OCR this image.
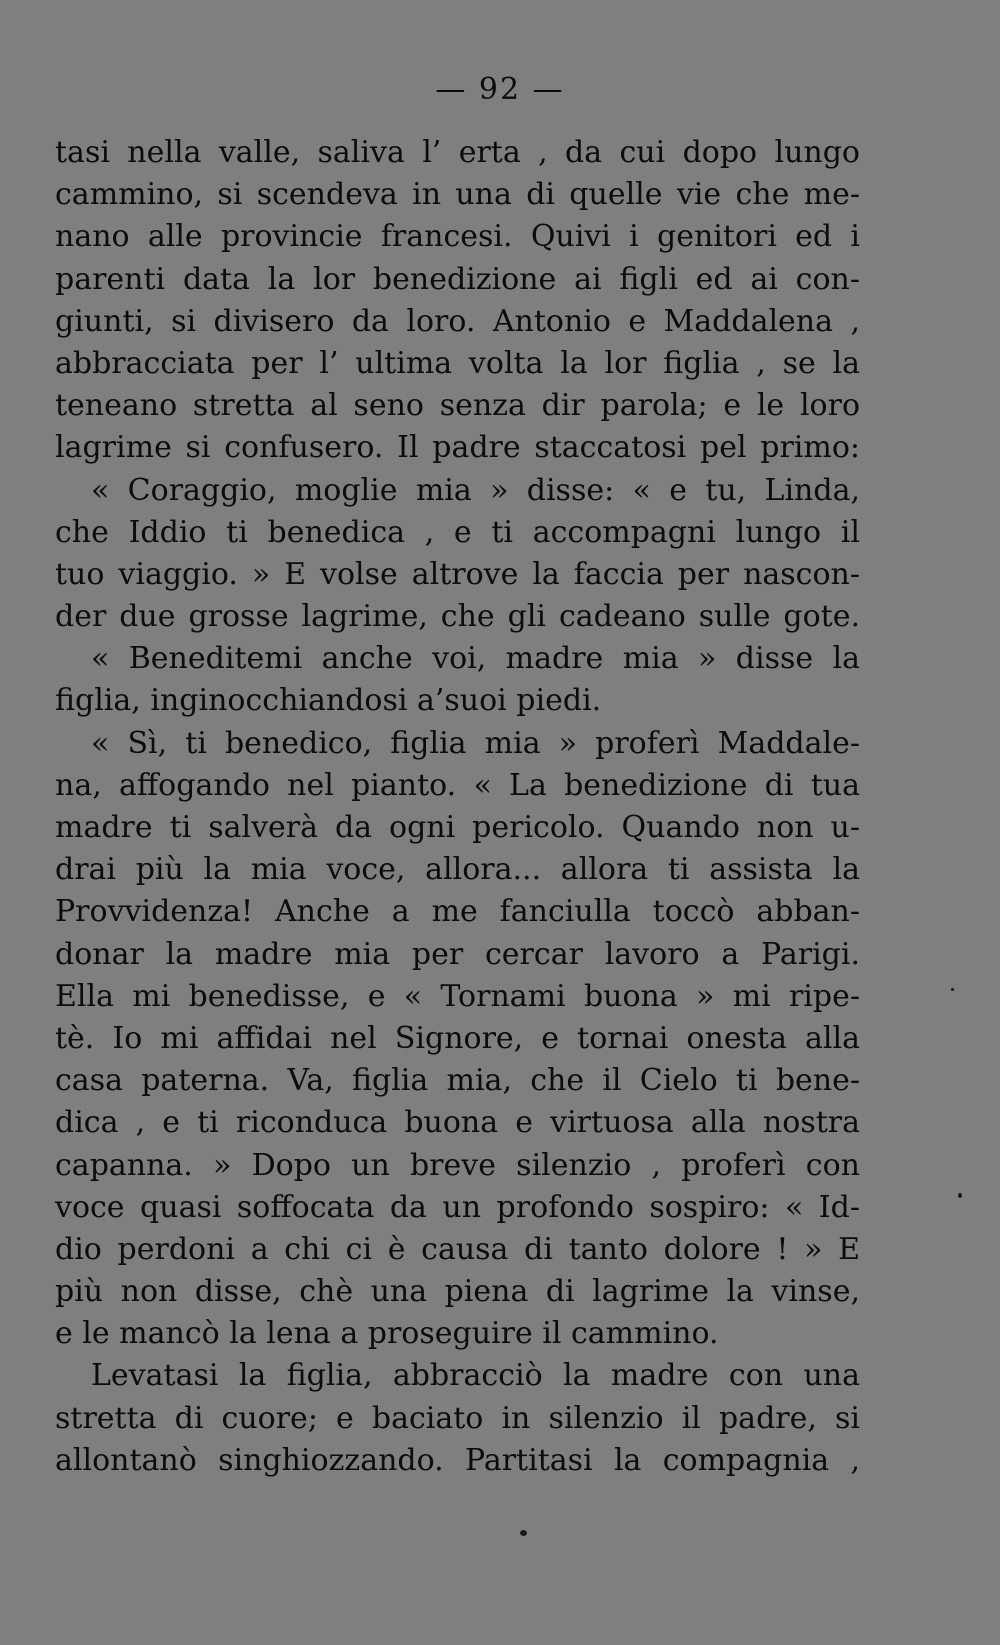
— ⁠92 —
tasi nella valle, saliva l’ erta , da cui dopo lungo
cammino, si scendeva in una di quelle vie che me-
nano alle provincie francesi. Quivi i genitori ed i
parenti data la lor benedizione ai figli ed ai con-
giunti, si divisero da loro. Antonio e Maddalena ,
abbracciata per l’ ultima volta la lor figlia , se la
teneano stretta al seno senza dir parola; e le loro
lagrime si confusero. Il padre staccatosi pel primo:
« Coraggio, moglie mia » disse: « e tu, Linda,
che Iddio ti benedica , e ti accompagni lungo il
tuo viaggio. » E volse altrove la faccia per nascon-
der due grosse lagrime, che gli cadeano sulle gote.
« Beneditemi anche voi, madre mia » disse la
figlia, inginocchiandosi a’suoi piedi.
« Sì, ti benedico, figlia mia » proferì Maddale-
na, affogando nel pianto. « La benedizione di tua
madre ti salverà da ogni pericolo. Quando non u-
drai più la mia voce, allora... allora ti assista la
Provvidenza! Anche a me fanciulla toccò abban-
donar la madre mia per cercar lavoro a Parigi.
Ella mi benedisse, e « Tornami buona » mi ripe-
tè. Io mi affidai nel Signore, e tornai onesta alla
casa paterna. Va, figlia mia, che il Cielo ti bene-
dica , e ti riconduca buona e virtuosa alla nostra
capanna. » Dopo un breve silenzio , proferì con
voce quasi soffocata da un profondo sospiro: « Id-
dio perdoni a chi ci è causa di tanto dolore ! » E
più non disse, chè una piena di lagrime la vinse,
e le mancò la lena a proseguire il cammino.
Levatasi la figlia, abbracciò la madre con una
stretta di cuore; e baciato in silenzio il padre, si
allontanò singhiozzando. Partitasi la compagnia ,
